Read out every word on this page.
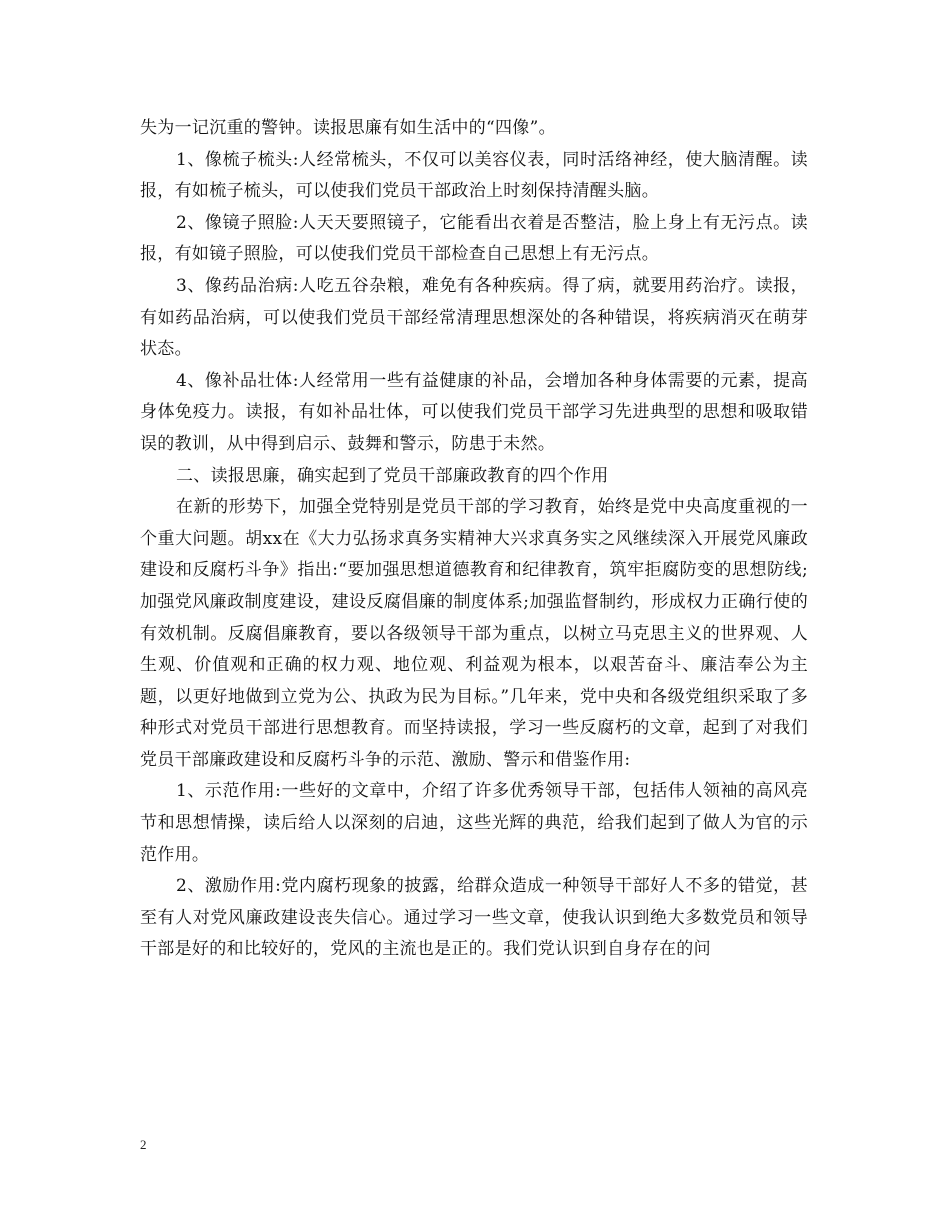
失为一记沉重的警钟。读报思廉有如生活中的“四像”。

1、像梳子梳头:人经常梳头，不仅可以美容仪表，同时活络神经，使大脑清醒。读报，有如梳子梳头，可以使我们党员干部政治上时刻保持清醒头脑。

2、像镜子照脸:人天天要照镜子，它能看出衣着是否整洁，脸上身上有无污点。读报，有如镜子照脸，可以使我们党员干部检查自己思想上有无污点。

3、像药品治病:人吃五谷杂粮，难免有各种疾病。得了病，就要用药治疗。读报，有如药品治病，可以使我们党员干部经常清理思想深处的各种错误，将疾病消灭在萌芽状态。

4、像补品壮体:人经常用一些有益健康的补品，会增加各种身体需要的元素，提高身体免疫力。读报，有如补品壮体，可以使我们党员干部学习先进典型的思想和吸取错误的教训，从中得到启示、鼓舞和警示，防患于未然。

二、读报思廉，确实起到了党员干部廉政教育的四个作用

在新的形势下，加强全党特别是党员干部的学习教育，始终是党中央高度重视的一个重大问题。胡xx在《大力弘扬求真务实精神大兴求真务实之风继续深入开展党风廉政建设和反腐朽斗争》指出:“要加强思想道德教育和纪律教育，筑牢拒腐防变的思想防线;加强党风廉政制度建设，建设反腐倡廉的制度体系;加强监督制约，形成权力正确行使的有效机制。反腐倡廉教育，要以各级领导干部为重点，以树立马克思主义的世界观、人生观、价值观和正确的权力观、地位观、利益观为根本，以艰苦奋斗、廉洁奉公为主题，以更好地做到立党为公、执政为民为目标。”几年来，党中央和各级党组织采取了多种形式对党员干部进行思想教育。而坚持读报，学习一些反腐朽的文章，起到了对我们党员干部廉政建设和反腐朽斗争的示范、激励、警示和借鉴作用:

1、示范作用:一些好的文章中，介绍了许多优秀领导干部，包括伟人领袖的高风亮节和思想情操，读后给人以深刻的启迪，这些光辉的典范，给我们起到了做人为官的示范作用。

2、激励作用:党内腐朽现象的披露，给群众造成一种领导干部好人不多的错觉，甚至有人对党风廉政建设丧失信心。通过学习一些文章，使我认识到绝大多数党员和领导干部是好的和比较好的，党风的主流也是正的。我们党认识到自身存在的问

2
